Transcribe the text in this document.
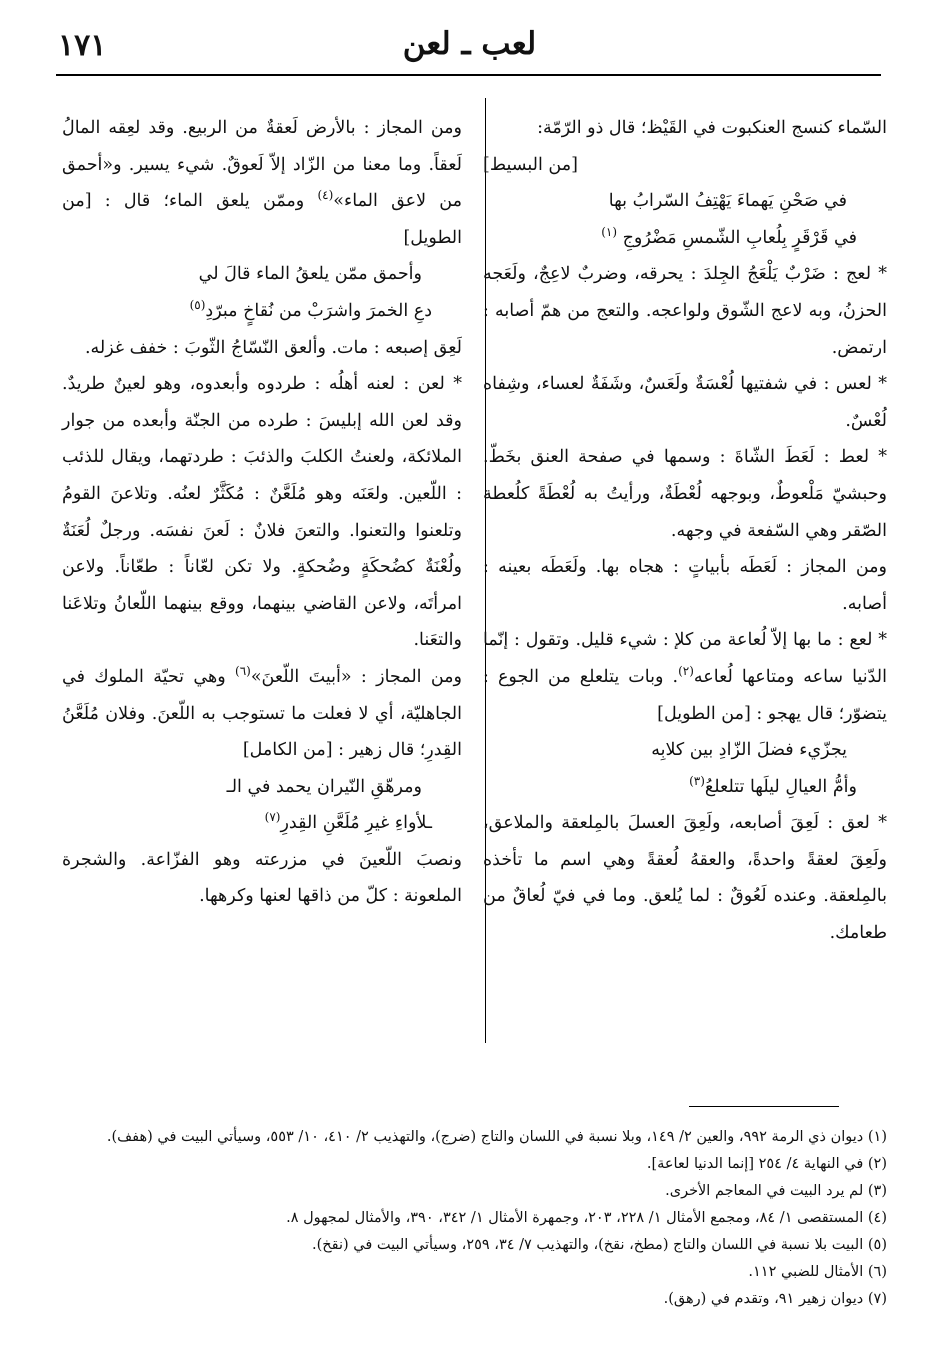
١٧١	لعب ـ لعن

السّماء كنسج العنكبوت في القَيْظ؛ قال ذو الرّمّة:

[من البسيط]
في صَحْنِ يَهماءَ يَهْتِفُ السّرابُ بها
في قَرْقَرٍ بِلُعابِ الشّمسِ مَضْرُوجِ $^{(١)}$

* لعج : ضَرْبٌ يَلْعَجُ الجِلدَ : يحرقه، وضربٌ لاعِجٌ، ولَعَجه الحزنُ، وبه لاعج الشّوق ولواعجه. والتعج من همّ أصابه : ارتمض.

* لعس : في شفتيها لُعْسَةٌ ولَعَسٌ، وشَفَةٌ لعساء، وشِفاه لُعْسٌ.

* لعط : لَعَطَ الشّاةَ : وسمها في صفحة العنق بخَطّ. وحبشيّ مَلْعوطٌ، وبوجهه لُعْطَةٌ، ورأيتُ به لُعْطَةً كلُعطة الصّقر وهي السّفعة في وجهه.

ومن المجاز : لَعَطَه بأبياتٍ : هجاه بها. ولَعَطَه بعينه : أصابه.

* لعع : ما بها إلاّ لُعاعة من كلإ : شيء قليل. وتقول : إنّما الدّنيا ساعه ومتاعها لُعاعه$^{(٢)}$. وبات يتلعلع من الجوع : يتضوّر؛ قال يهجو : [من الطويل]

يجزّيء فضلَ الزّادِ بين كلابِه
وأمُّ العيالِ ليلَها تتلعلعُ$^{(٣)}$

* لعق : لَعِقَ أصابعه، ولَعِقَ العسلَ بالمِلعقة والملاعق، ولَعِقَ لعقةً واحدةً، والعقهُ لُعقةً وهي اسم ما تأخذه بالمِلعقة. وعنده لَعُوقٌ : لما يُلعق. وما في فيّ لُعاقٌ من طعامك.

ومن المجاز : بالأرض لَعقةٌ من الربيع. وقد لعِقه المالُ لَعقاً. وما معنا من الزّاد إلاّ لَعوقٌ. شيء يسير. و«أحمق من لاعق الماء»$^{(٤)}$ وممّن يلعق الماء؛ قال : [من الطويل]

وأحمق ممّن يلعقُ الماء قالَ لي
دعِ الخمرَ واشرَبْ من نُقاخٍ مبرّدِ$^{(٥)}$

لَعِق إصبعه : مات. وألعق النّسّاجُ الثّوبَ : خفف غزله.

* لعن : لعنه أهلُه : طردوه وأبعدوه، وهو لعينٌ طريدٌ. وقد لعن الله إبليسَ : طرده من الجنّة وأبعده من جوار الملائكة، ولعنتُ الكلبَ والذئبَ : طردتهما، ويقال للذئب : اللّعين. ولعَنَه وهو مُلَعَّنٌ : مُكَثَّرٌ لعنُه. وتلاعنَ القومُ وتلعنوا والتعنوا. والتعنَ فلانٌ : لَعنَ نفسَه. ورجلٌ لُعَنَةٌ ولُعْنَةٌ كضُحكَةٍ وضُحكةٍ. ولا تكن لعّاناً : طعّاناً. ولاعن امرأتَه، ولاعن القاضي بينهما، ووقع بينهما اللّعانُ وتلاعَنا والتعَنا.

ومن المجاز : «أبيتَ اللّعنَ»$^{(٦)}$ وهي تحيّة الملوك في الجاهليّة، أي لا فعلت ما تستوجب به اللّعنَ. وفلان مُلَعَّنُ القِدرِ؛ قال زهير : [من الكامل]

ومرهّقِ النّيران يحمد في الـ
ـلأواءِ غيرِ مُلَعَّنِ القِدرِ$^{(٧)}$

ونصبَ اللّعينَ في مزرعته وهو الفزّاعة. والشجرة الملعونة : كلّ من ذاقها لعنها وكرهها.

(١) ديوان ذي الرمة ٩٩٢، والعين ٢/ ١٤٩، وبلا نسبة في اللسان والتاج (ضرج)، والتهذيب ٢/ ٤١٠، ١٠/ ٥٥٣، وسيأتي البيت في (هفف).

(٢) في النهاية ٤/ ٢٥٤ [إنما الدنيا لعاعة].

(٣) لم يرد البيت في المعاجم الأخرى.

(٤) المستقصى ١/ ٨٤، ومجمع الأمثال ١/ ٢٢٨، ٢٠٣، وجمهرة الأمثال ١/ ٣٤٢، ٣٩٠، والأمثال لمجهول ٨.

(٥) البيت بلا نسبة في اللسان والتاج (مطخ، نقخ)، والتهذيب ٧/ ٣٤، ٢٥٩، وسيأتي البيت في (نقخ).

(٦) الأمثال للضبي ١١٢.

(٧) ديوان زهير ٩١، وتقدم في (رهق).
